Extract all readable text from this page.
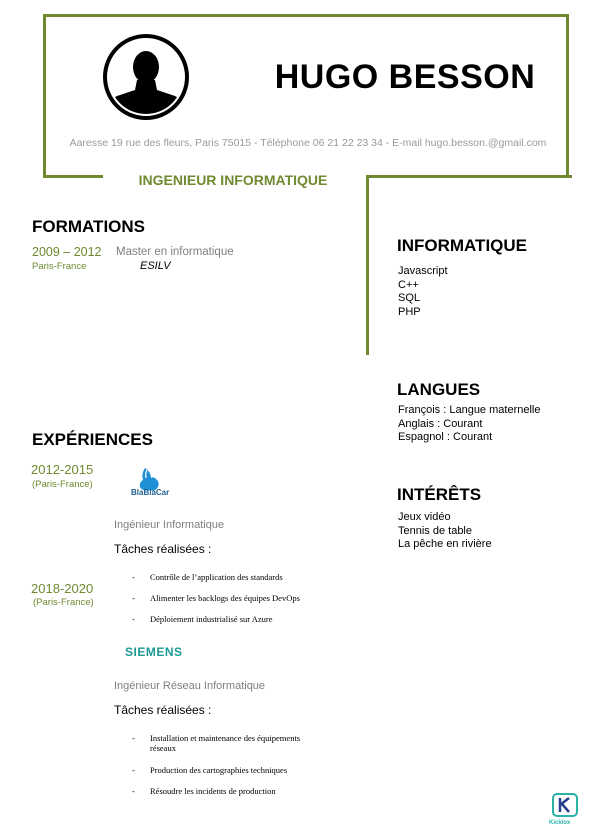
HUGO BESSON
Aaresse 19 rue des fleurs, Paris 75015 - Téléphone 06 21 22 23 34 - E-mail hugo.besson.@gmail.com
INGENIEUR INFORMATIQUE
FORMATIONS
2009 – 2012
Paris-France
Master en informatique
ESILV
EXPÉRIENCES
2012-2015
(Paris-France)
BlaBlaCar
Ingénieur Informatique
Tâches réalisées :
- Contrôle de l’application des standards
- Alimenter les backlogs des équipes DevOps
- Déploiement industrialisé sur Azure
2018-2020
(Paris-France)
SIEMENS
Ingénieur Réseau Informatique
Tâches réalisées :
- Installation et maintenance des équipements
réseaux
- Production des cartographies techniques
- Résoudre les incidents de production
INFORMATIQUE
Javascript
C++
SQL
PHP
LANGUES
François : Langue maternelle
Anglais : Courant
Espagnol : Courant
INTÉRÊTS
Jeux vidéo
Tennis de table
La pêche en rivière
Kicklox
